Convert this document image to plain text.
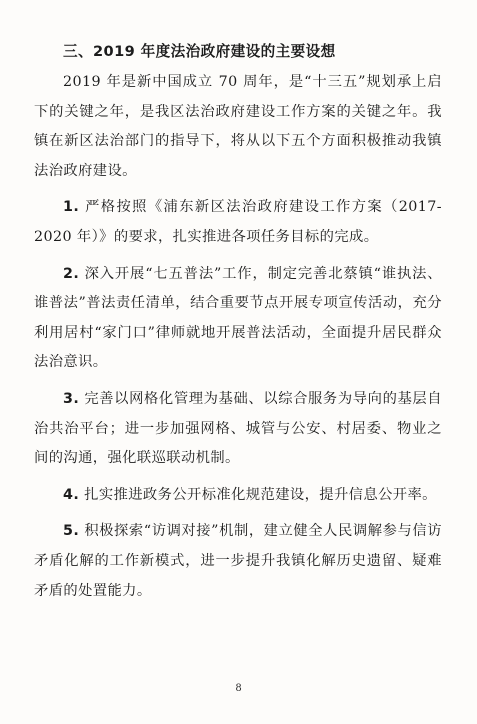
三、2019 年度法治政府建设的主要设想

2019 年是新中国成立 70 周年，是“十三五”规划承上启下的关键之年，是我区法治政府建设工作方案的关键之年。我镇在新区法治部门的指导下，将从以下五个方面积极推动我镇法治政府建设。

1. 严格按照《浦东新区法治政府建设工作方案（2017-2020 年）》的要求，扎实推进各项任务目标的完成。

2. 深入开展“七五普法”工作，制定完善北蔡镇“谁执法、谁普法”普法责任清单，结合重要节点开展专项宣传活动，充分利用居村“家门口”律师就地开展普法活动，全面提升居民群众法治意识。

3. 完善以网格化管理为基础、以综合服务为导向的基层自治共治平台；进一步加强网格、城管与公安、村居委、物业之间的沟通，强化联巡联动机制。

4. 扎实推进政务公开标准化规范建设，提升信息公开率。

5. 积极探索“访调对接”机制，建立健全人民调解参与信访矛盾化解的工作新模式，进一步提升我镇化解历史遗留、疑难矛盾的处置能力。

8
